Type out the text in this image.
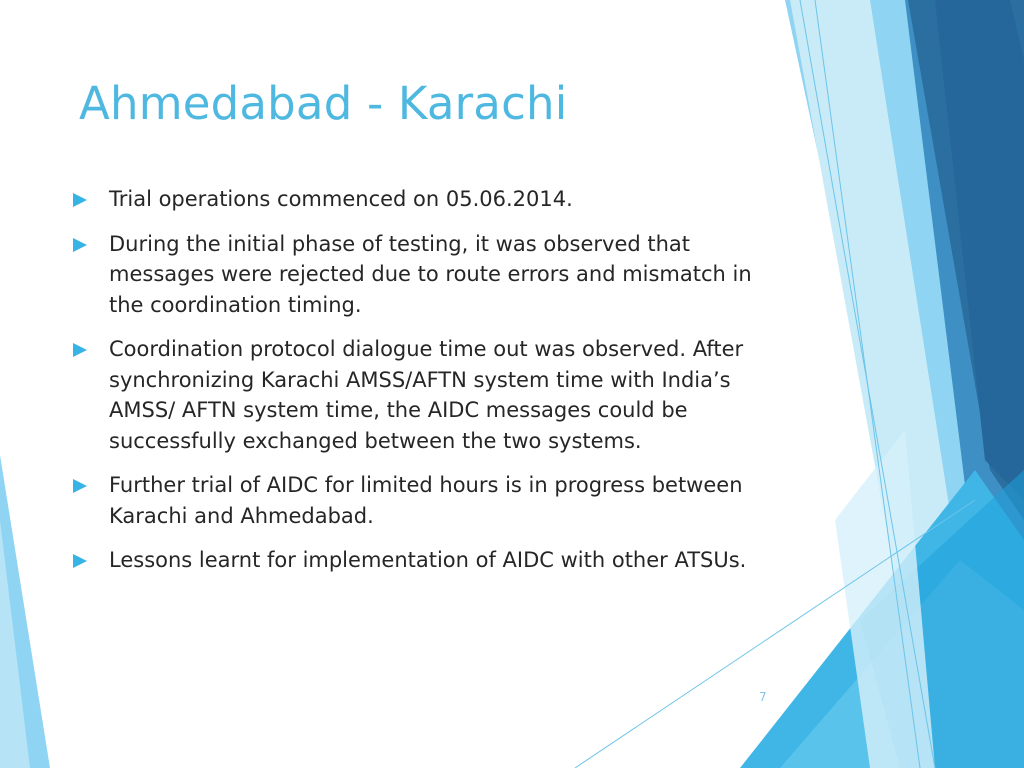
Ahmedabad - Karachi
Trial operations commenced on 05.06.2014.
During the initial phase of testing, it was observed that messages were rejected due to route errors and mismatch in the coordination timing.
Coordination protocol dialogue time out was observed. After synchronizing Karachi AMSS/AFTN system time with India’s AMSS/ AFTN system time, the AIDC messages could be successfully exchanged between the two systems.
Further trial of AIDC for limited hours is in progress between Karachi and Ahmedabad.
Lessons learnt for implementation of AIDC with other ATSUs.
7
